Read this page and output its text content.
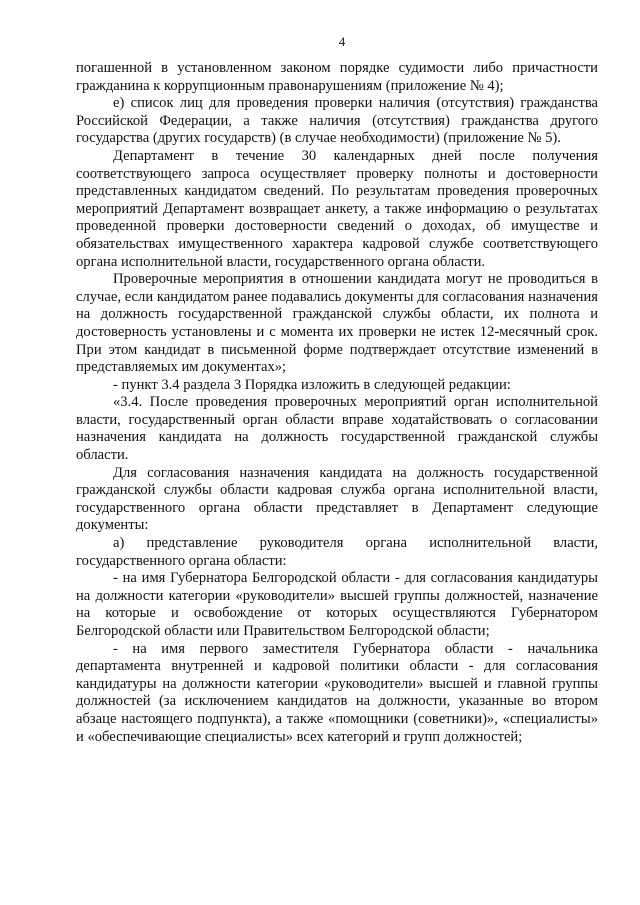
4

погашенной в установленном законом порядке судимости либо причастности гражданина к коррупционным правонарушениям (приложение № 4);

е) список лиц для проведения проверки наличия (отсутствия) гражданства Российской Федерации, а также наличия (отсутствия) гражданства другого государства (других государств) (в случае необходимости) (приложение № 5).

Департамент в течение 30 календарных дней после получения соответствующего запроса осуществляет проверку полноты и достоверности представленных кандидатом сведений. По результатам проведения проверочных мероприятий Департамент возвращает анкету, а также информацию о результатах проведенной проверки достоверности сведений о доходах, об имуществе и обязательствах имущественного характера кадровой службе соответствующего органа исполнительной власти, государственного органа области.

Проверочные мероприятия в отношении кандидата могут не проводиться в случае, если кандидатом ранее подавались документы для согласования назначения на должность государственной гражданской службы области, их полнота и достоверность установлены и с момента их проверки не истек 12-месячный срок. При этом кандидат в письменной форме подтверждает отсутствие изменений в представляемых им документах»;

- пункт 3.4 раздела 3 Порядка изложить в следующей редакции:

«3.4. После проведения проверочных мероприятий орган исполнительной власти, государственный орган области вправе ходатайствовать о согласовании назначения кандидата на должность государственной гражданской службы области.

Для согласования назначения кандидата на должность государственной гражданской службы области кадровая служба органа исполнительной власти, государственного органа области представляет в Департамент следующие документы:

а) представление руководителя органа исполнительной власти, государственного органа области:

- на имя Губернатора Белгородской области - для согласования кандидатуры на должности категории «руководители» высшей группы должностей, назначение на которые и освобождение от которых осуществляются Губернатором Белгородской области или Правительством Белгородской области;

- на имя первого заместителя Губернатора области - начальника департамента внутренней и кадровой политики области - для согласования кандидатуры на должности категории «руководители» высшей и главной группы должностей (за исключением кандидатов на должности, указанные во втором абзаце настоящего подпункта), а также «помощники (советники)», «специалисты» и «обеспечивающие специалисты» всех категорий и групп должностей;
